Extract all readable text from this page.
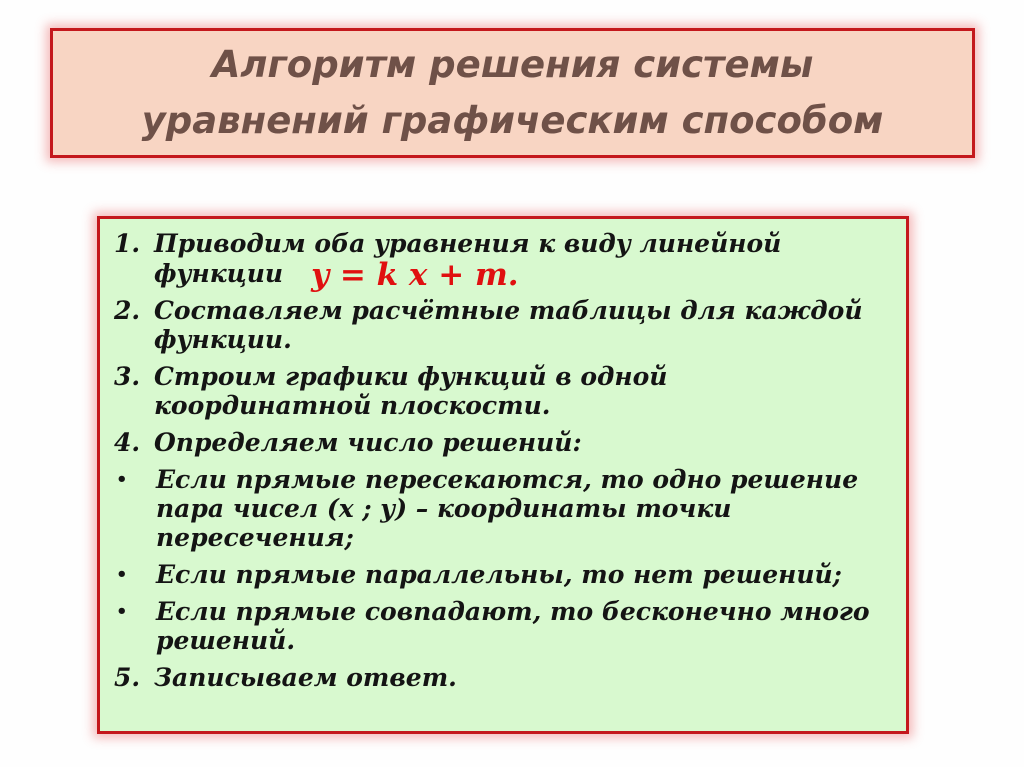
Алгоритм решения системы
уравнений графическим способом
1. Приводим оба уравнения к виду линейной
функции y = k x + m.
2. Составляем расчётные таблицы для каждой
функции.
3. Строим графики функций в одной
координатной плоскости.
4. Определяем число решений:
•	Если прямые пересекаются, то одно решение
пара чисел (х ; у) – координаты точки
пересечения;
•	Если прямые параллельны, то нет решений;
•	Если прямые совпадают, то бесконечно много
решений.
5. Записываем ответ.
